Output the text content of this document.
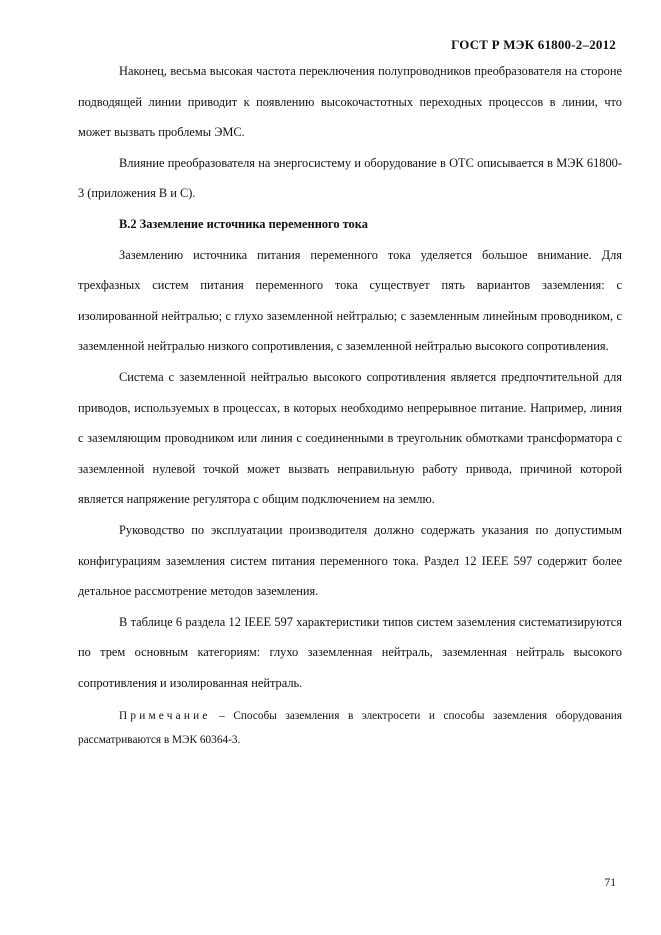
ГОСТ Р МЭК 61800-2–2012

Наконец, весьма высокая частота переключения полупроводников преобразователя на стороне подводящей линии приводит к появлению высокочастотных переходных процессов в линии, что может вызвать проблемы ЭМС.

Влияние преобразователя на энергосистему и оборудование в ОТС описывается в МЭК 61800-3 (приложения В и С).

В.2 Заземление источника переменного тока

Заземлению источника питания переменного тока уделяется большое внимание. Для трехфазных систем питания переменного тока существует пять вариантов заземления: с изолированной нейтралью; с глухо заземленной нейтралью; с заземленным линейным проводником, с заземленной нейтралью низкого сопротивления, с заземленной нейтралью высокого сопротивления.

Система с заземленной нейтралью высокого сопротивления является предпочтительной для приводов, используемых в процессах, в которых необходимо непрерывное питание. Например, линия с заземляющим проводником или линия с соединенными в треугольник обмотками трансформатора с заземленной нулевой точкой может вызвать неправильную работу привода, причиной которой является напряжение регулятора с общим подключением на землю.

Руководство по эксплуатации производителя должно содержать указания по допустимым конфигурациям заземления систем питания переменного тока. Раздел 12 IEEE 597 содержит более детальное рассмотрение методов заземления.

В таблице 6 раздела 12 IEEE 597 характеристики типов систем заземления систематизируются по трем основным категориям: глухо заземленная нейтраль, заземленная нейтраль высокого сопротивления и изолированная нейтраль.

Примечание – Способы заземления в электросети и способы заземления оборудования рассматриваются в МЭК 60364-3.

71
